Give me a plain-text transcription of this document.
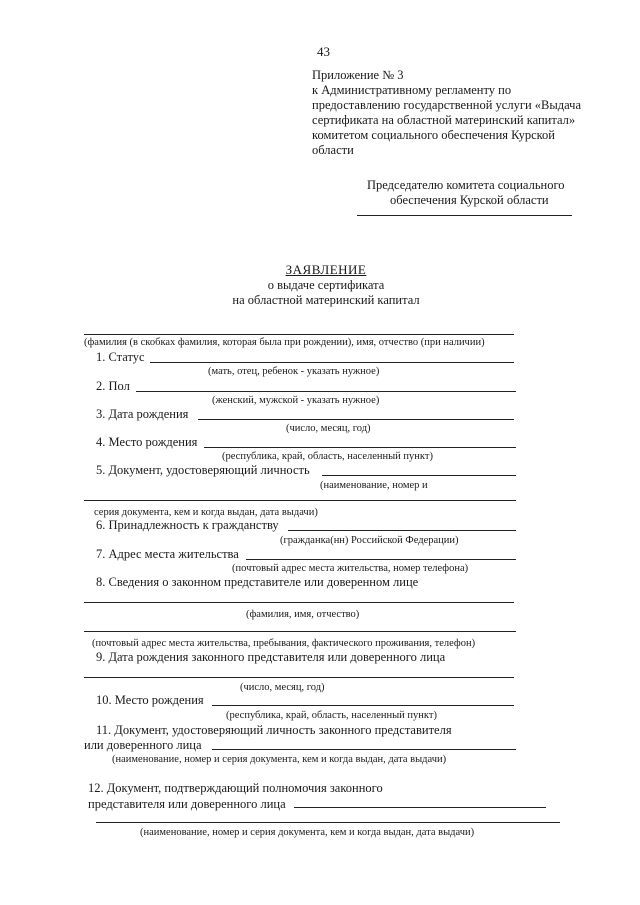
43
Приложение № 3
к Административному регламенту по
предоставлению государственной услуги «Выдача
сертификата на областной материнский капитал»
комитетом социального обеспечения Курской
области
Председателю комитета социального
обеспечения Курской области
ЗАЯВЛЕНИЕ
о выдаче сертификата
на областной материнский капитал
(фамилия (в скобках фамилия, которая была при рождении), имя, отчество (при наличии)
1. Статус
(мать, отец, ребенок - указать нужное)
2. Пол
(женский, мужской - указать нужное)
3. Дата рождения
(число, месяц, год)
4. Место рождения
(республика, край, область, населенный пункт)
5. Документ, удостоверяющий личность
(наименование, номер и
серия документа, кем и когда выдан, дата выдачи)
6. Принадлежность к гражданству
(гражданка(нн) Российской Федерации)
7. Адрес места жительства
(почтовый адрес места жительства, номер телефона)
8. Сведения о законном представителе или доверенном лице
(фамилия, имя, отчество)
(почтовый адрес места жительства, пребывания, фактического проживания, телефон)
9. Дата рождения законного представителя или доверенного лица
(число, месяц, год)
10. Место рождения
(республика, край, область, населенный пункт)
11. Документ, удостоверяющий личность законного представителя
или доверенного лица
(наименование, номер и серия документа, кем и когда выдан, дата выдачи)
12. Документ, подтверждающий полномочия законного
представителя или доверенного лица
(наименование, номер и серия документа, кем и когда выдан, дата выдачи)
